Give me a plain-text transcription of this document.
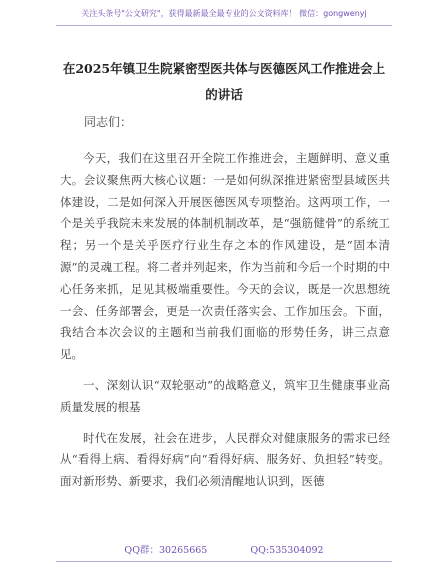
关注头条号"公文研究"，获得最新最全最专业的公文资料库！ 微信：gongwenyj
在2025年镇卫生院紧密型医共体与医德医风工作推进会上的讲话
同志们：

今天，我们在这里召开全院工作推进会，主题鲜明、意义重大。会议聚焦两大核心议题：一是如何纵深推进紧密型县域医共体建设，二是如何深入开展医德医风专项整治。这两项工作，一个是关乎我院未来发展的体制机制改革，是“强筋健骨”的系统工程；另一个是关乎医疗行业生存之本的作风建设，是“固本清源”的灵魂工程。将二者并列起来，作为当前和今后一个时期的中心任务来抓，足见其极端重要性。今天的会议，既是一次思想统一会、任务部署会，更是一次责任落实会、工作加压会。下面，我结合本次会议的主题和当前我们面临的形势任务，讲三点意见。

一、深刻认识“双轮驱动”的战略意义，筑牢卫生健康事业高质量发展的根基

时代在发展，社会在进步，人民群众对健康服务的需求已经从“看得上病、看得好病”向“看得好病、服务好、负担轻”转变。面对新形势、新要求，我们必须清醒地认识到，医德

QQ群：30265665	QQ:535304092
